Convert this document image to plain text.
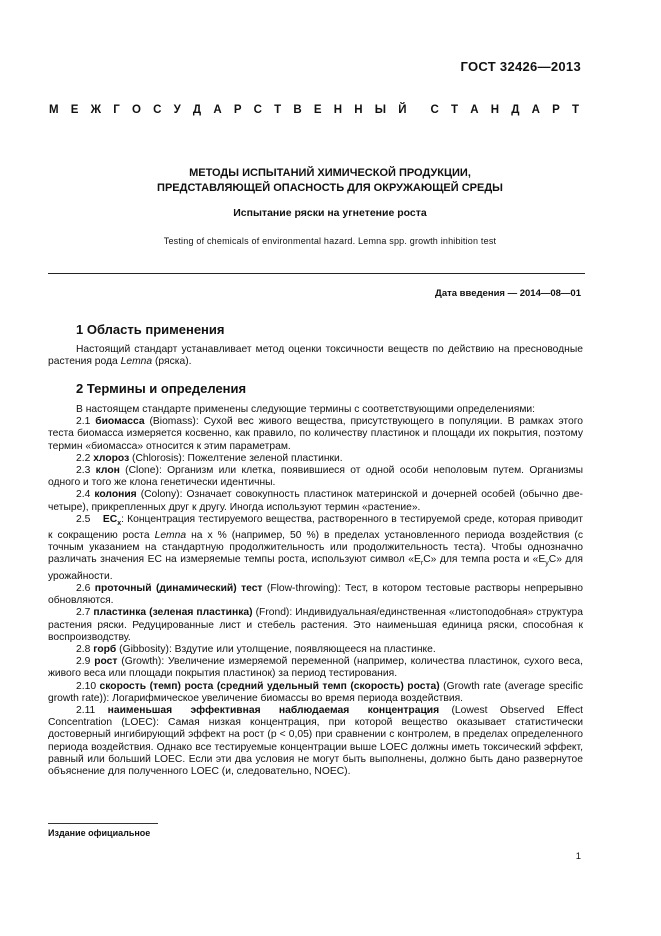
ГОСТ 32426—2013
М Е Ж Г О С У Д А Р С Т В Е Н Н Ы Й С Т А Н Д А Р Т
МЕТОДЫ ИСПЫТАНИЙ ХИМИЧЕСКОЙ ПРОДУКЦИИ,
ПРЕДСТАВЛЯЮЩЕЙ ОПАСНОСТЬ ДЛЯ ОКРУЖАЮЩЕЙ СРЕДЫ
Испытание ряски на угнетение роста
Testing of chemicals of environmental hazard. Lemna spp. growth inhibition test
Дата введения — 2014—08—01
1 Область применения

Настоящий стандарт устанавливает метод оценки токсичности веществ по действию на пресноводные растения рода Lemna (ряска).

2 Термины и определения

В настоящем стандарте применены следующие термины с соответствующими определениями:

2.1 биомасса (Biomass): Сухой вес живого вещества, присутствующего в популяции. В рамках этого теста биомасса измеряется косвенно, как правило, по количеству пластинок и площади их покрытия, поэтому термин «биомасса» относится к этим параметрам.

2.2 хлороз (Chlorosis): Пожелтение зеленой пластинки.

2.3 клон (Clone): Организм или клетка, появившиеся от одной особи неполовым путем. Организмы одного и того же клона генетически идентичны.

2.4 колония (Colony): Означает совокупность пластинок материнской и дочерней особей (обычно две-четыре), прикрепленных друг к другу. Иногда используют термин «растение».

2.5 $EC_x$: Концентрация тестируемого вещества, растворенного в тестируемой среде, которая приводит к сокращению роста Lemna на x % (например, 50 %) в пределах установленного периода воздействия (с точным указанием на стандартную продолжительность или продолжительность теста). Чтобы однозначно различать значения EC на измеряемые темпы роста, используют символ «$E_rC$» для темпа роста и «$E_yC$» для урожайности.

2.6 проточный (динамический) тест (Flow-throwing): Тест, в котором тестовые растворы непрерывно обновляются.

2.7 пластинка (зеленая пластинка) (Frond): Индивидуальная/единственная «листоподобная» структура растения ряски. Редуцированные лист и стебель растения. Это наименьшая единица ряски, способная к воспроизводству.

2.8 горб (Gibbosity): Вздутие или утолщение, появляющееся на пластинке.

2.9 рост (Growth): Увеличение измеряемой переменной (например, количества пластинок, сухого веса, живого веса или площади покрытия пластинок) за период тестирования.

2.10 скорость (темп) роста (средний удельный темп (скорость) роста) (Growth rate (average specific growth rate)): Логарифмическое увеличение биомассы во время периода воздействия.

2.11 наименьшая эффективная наблюдаемая концентрация (Lowest Observed Effect Concentration (LOEC): Самая низкая концентрация, при которой вещество оказывает статистически достоверный ингибирующий эффект на рост (p < 0,05) при сравнении с контролем, в пределах определенного периода воздействия. Однако все тестируемые концентрации выше LOEC должны иметь токсический эффект, равный или больший LOEC. Если эти два условия не могут быть выполнены, должно быть дано развернутое объяснение для полученного LOEC (и, следовательно, NOEC).

Издание официальное
1
